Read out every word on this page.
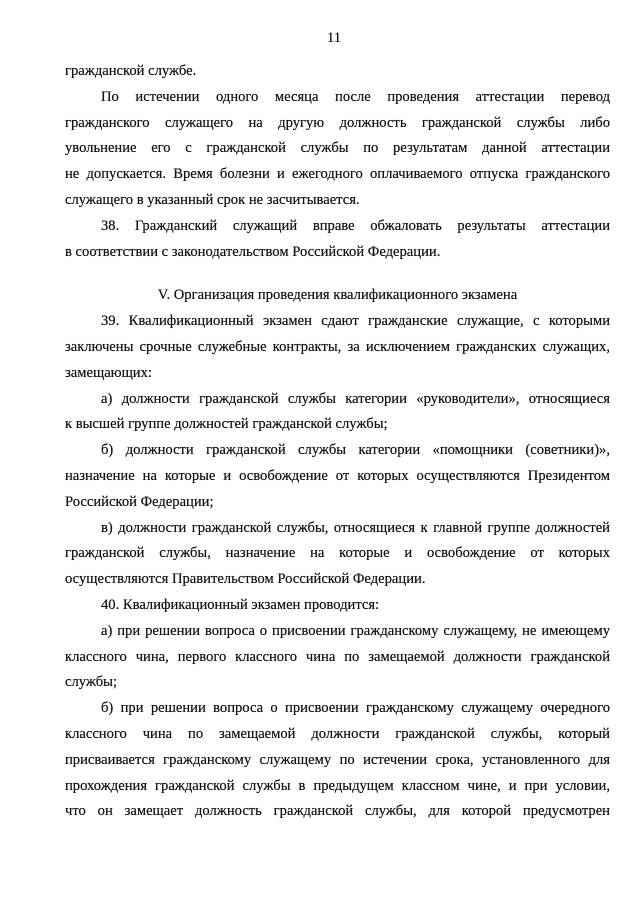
11
гражданской службе.
По истечении одного месяца после проведения аттестации перевод
гражданского служащего на другую должность гражданской службы либо
увольнение его с гражданской службы по результатам данной аттестации
не допускается. Время болезни и ежегодного оплачиваемого отпуска гражданского
служащего в указанный срок не засчитывается.
38. Гражданский служащий вправе обжаловать результаты аттестации
в соответствии с законодательством Российской Федерации.
V. Организация проведения квалификационного экзамена
39. Квалификационный экзамен сдают гражданские служащие, с которыми
заключены срочные служебные контракты, за исключением гражданских служащих,
замещающих:
а) должности гражданской службы категории «руководители», относящиеся
к высшей группе должностей гражданской службы;
б) должности гражданской службы категории «помощники (советники)»,
назначение на которые и освобождение от которых осуществляются Президентом
Российской Федерации;
в) должности гражданской службы, относящиеся к главной группе должностей
гражданской службы, назначение на которые и освобождение от которых
осуществляются Правительством Российской Федерации.
40. Квалификационный экзамен проводится:
а) при решении вопроса о присвоении гражданскому служащему, не имеющему
классного чина, первого классного чина по замещаемой должности гражданской
службы;
б) при решении вопроса о присвоении гражданскому служащему очередного
классного чина по замещаемой должности гражданской службы, который
присваивается гражданскому служащему по истечении срока, установленного для
прохождения гражданской службы в предыдущем классном чине, и при условии,
что он замещает должность гражданской службы, для которой предусмотрен
